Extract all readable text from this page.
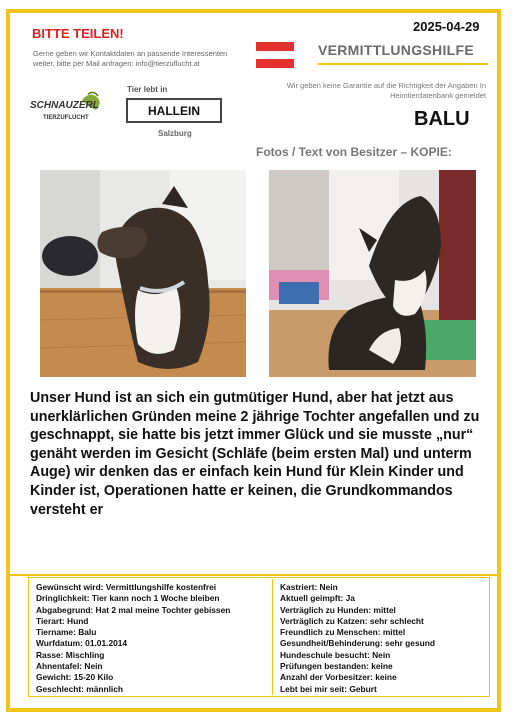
BITTE TEILEN!	2025-04-29
Gerne geben wir Kontaktdaten an passende Interessenten weiter, bitte per Mail anfragen: info@tierzuflucht.at
VERMITTLUNGSHILFE
Wir geben keine Garantie auf die Richtigkeit der Angaben In Heimtierdatenbank gemeldet
SCHNAUZERL
TIERZUFLUCHT
Tier lebt in
HALLEIN
Salzburg
BALU
Fotos / Text von Besitzer – KOPIE:
Unser Hund ist an sich ein gutmütiger Hund, aber hat jetzt aus unerklärlichen Gründen meine 2 jährige Tochter angefallen und zu geschnappt, sie hatte bis jetzt immer Glück und sie musste „nur“ genäht werden im Gesicht (Schläfe (beim ersten Mal) und unterm Auge) wir denken das er einfach kein Hund für Klein Kinder und Kinder ist, Operationen hatte er keinen, die Grundkommandos versteht er
Gewünscht wird: Vermittlungshilfe kostenfrei
Dringlichkeit: Tier kann noch 1 Woche bleiben
Abgabegrund: Hat 2 mal meine Tochter gebissen
Tierart: Hund
Tiername: Balu
Wurfdatum: 01.01.2014
Rasse: Mischling
Ahnentafel: Nein
Gewicht: 15-20 Kilo
Geschlecht: männlich
Kastriert: Nein
Aktuell geimpft: Ja
Verträglich zu Hunden: mittel
Verträglich zu Katzen: sehr schlecht
Freundlich zu Menschen: mittel
Gesundheit/Behinderung: sehr gesund
Hundeschule besucht: Nein
Prüfungen bestanden: keine
Anzahl der Vorbesitzer: keine
Lebt bei mir seit: Geburt
